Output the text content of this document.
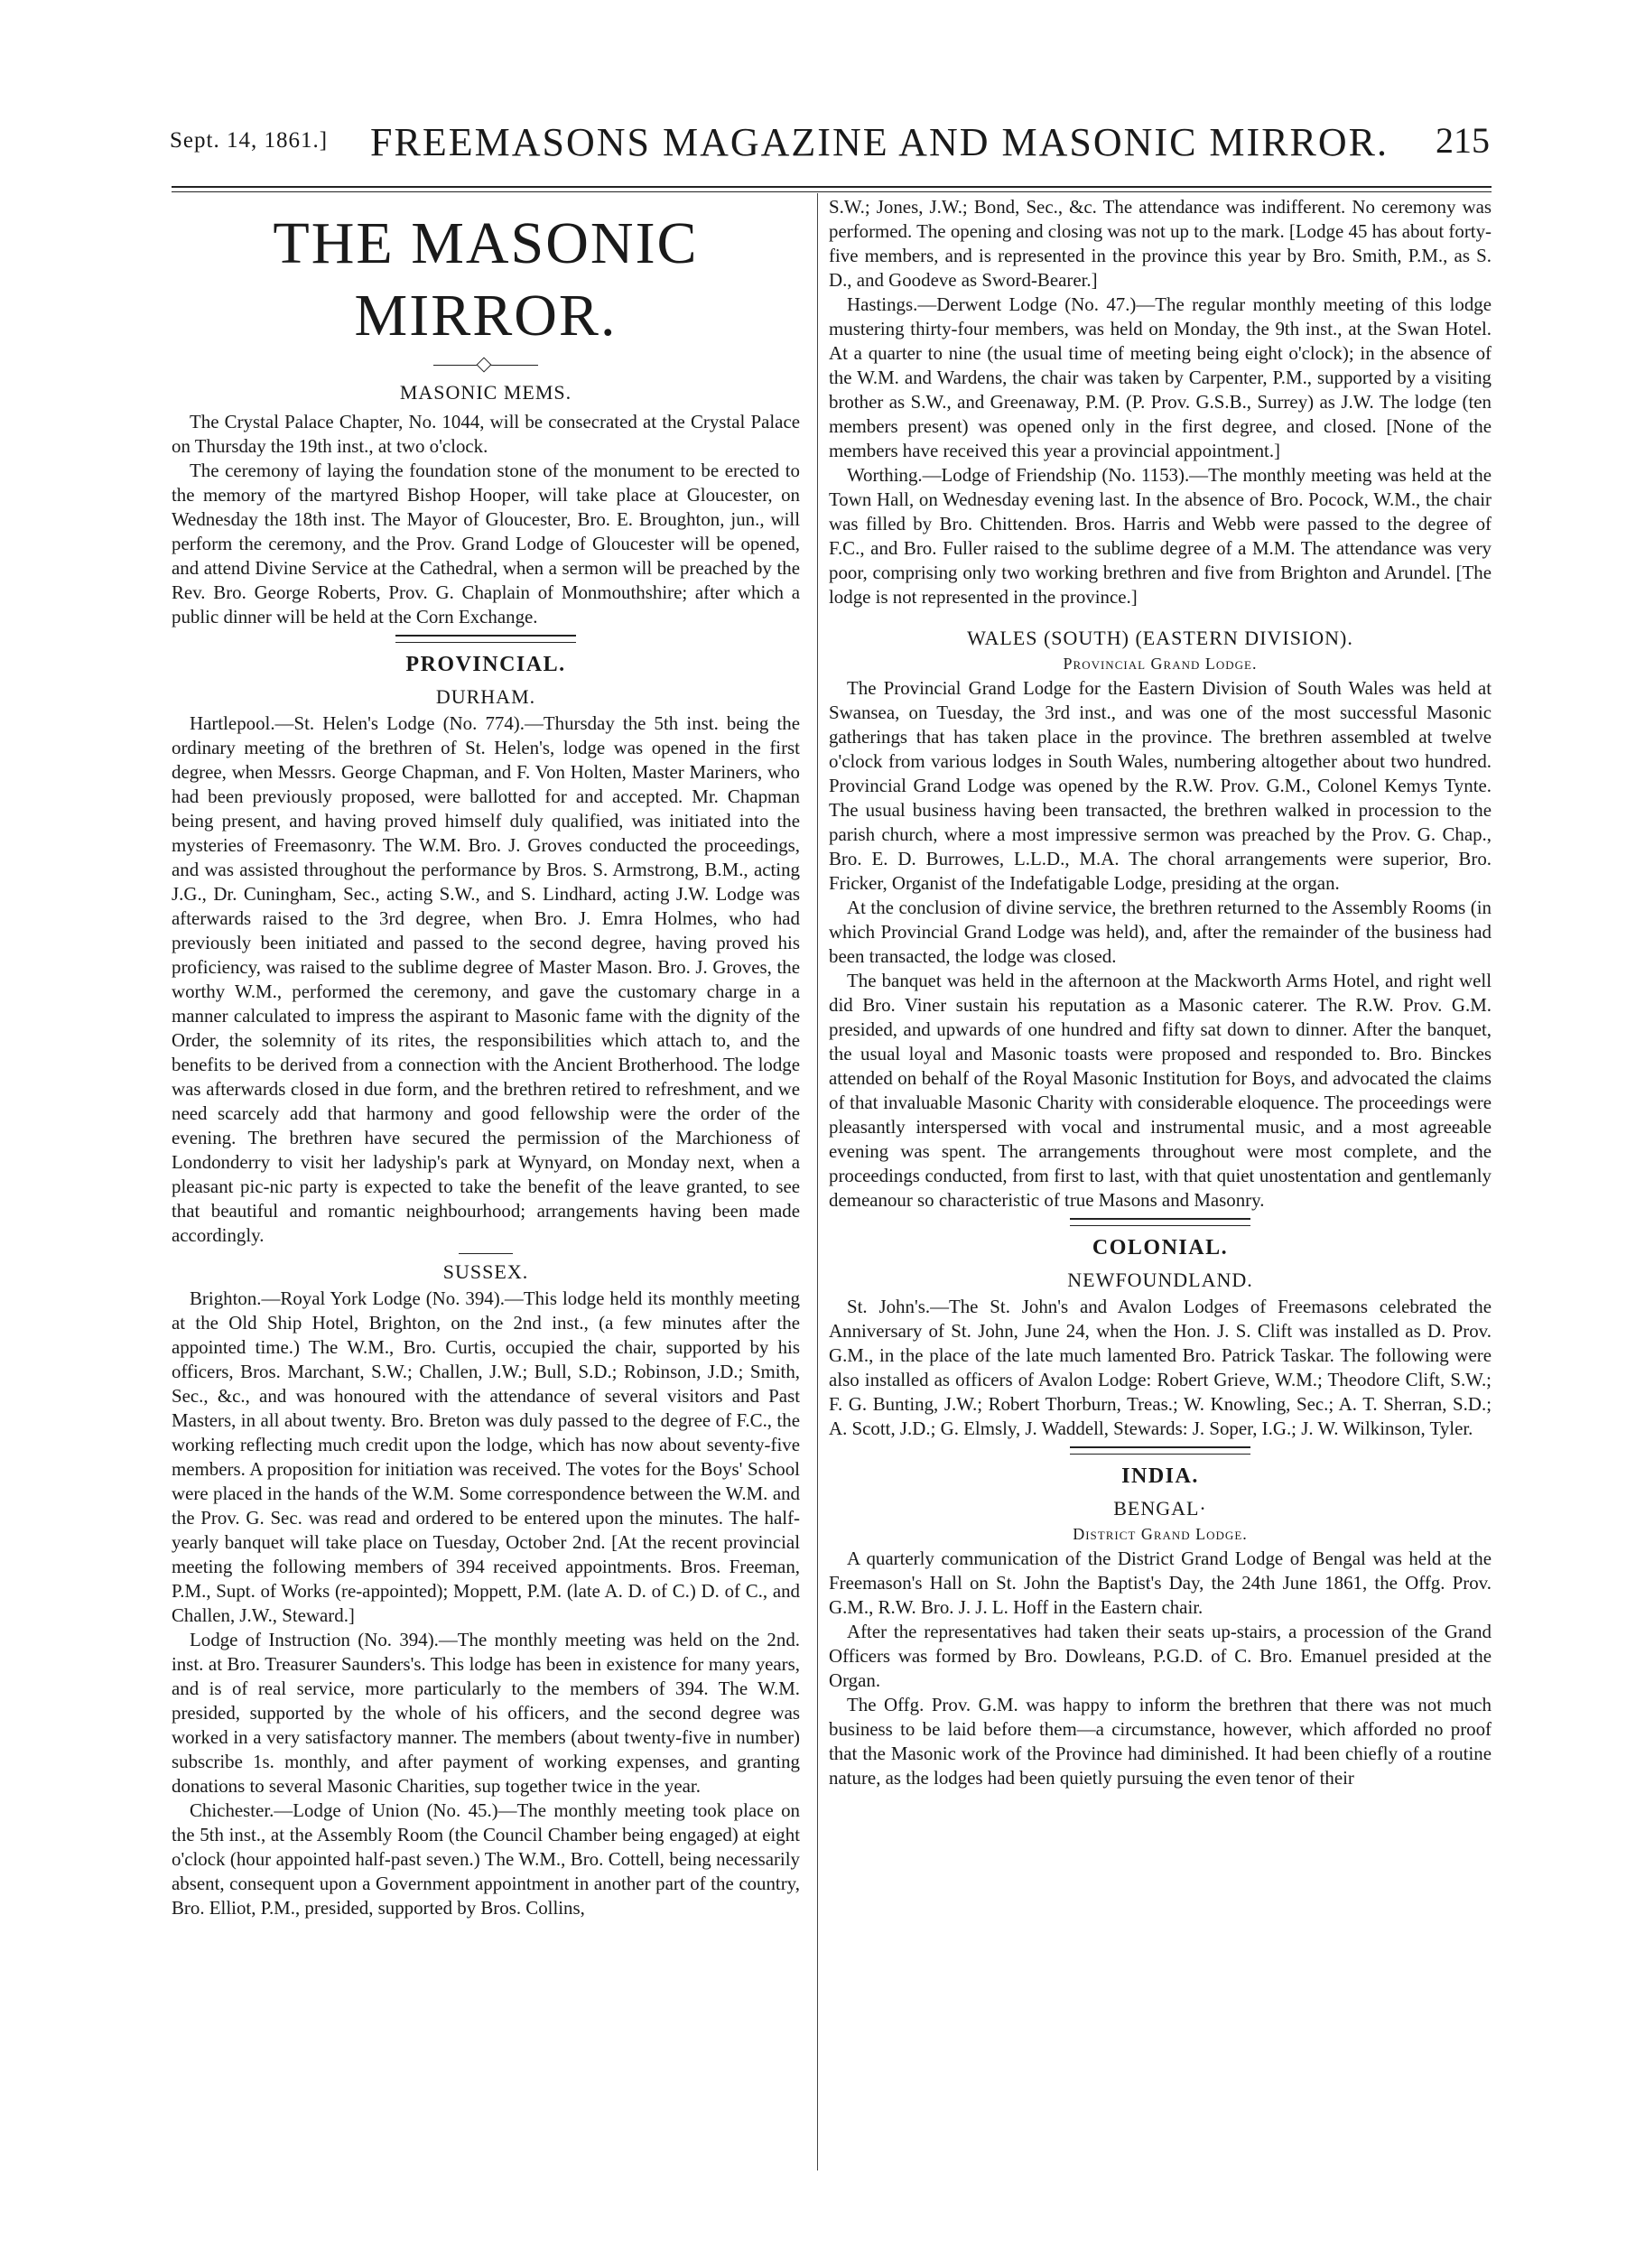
Sept. 14, 1861.] FREEMASONS MAGAZINE AND MASONIC MIRROR. 215
THE MASONIC MIRROR.
MASONIC MEMS.

The Crystal Palace Chapter, No. 1044, will be consecrated at the Crystal Palace on Thursday the 19th inst., at two o'clock.

The ceremony of laying the foundation stone of the monument to be erected to the memory of the martyred Bishop Hooper, will take place at Gloucester, on Wednesday the 18th inst. The Mayor of Gloucester, Bro. E. Broughton, jun., will perform the ceremony, and the Prov. Grand Lodge of Gloucester will be opened, and attend Divine Service at the Cathedral, when a sermon will be preached by the Rev. Bro. George Roberts, Prov. G. Chaplain of Monmouthshire; after which a public dinner will be held at the Corn Exchange.

PROVINCIAL.
DURHAM.

Hartlepool.—St. Helen's Lodge (No. 774).—Thursday the 5th inst. being the ordinary meeting of the brethren of St. Helen's, lodge was opened in the first degree, when Messrs. George Chapman, and F. Von Holten, Master Mariners, who had been previously proposed, were ballotted for and accepted. Mr. Chapman being present, and having proved himself duly qualified, was initiated into the mysteries of Freemasonry. The W.M. Bro. J. Groves conducted the proceedings, and was assisted throughout the performance by Bros. S. Armstrong, B.M., acting J.G., Dr. Cuningham, Sec., acting S.W., and S. Lindhard, acting J.W. Lodge was afterwards raised to the 3rd degree, when Bro. J. Emra Holmes, who had previously been initiated and passed to the second degree, having proved his proficiency, was raised to the sublime degree of Master Mason. Bro. J. Groves, the worthy W.M., performed the ceremony, and gave the customary charge in a manner calculated to impress the aspirant to Masonic fame with the dignity of the Order, the solemnity of its rites, the responsibilities which attach to, and the benefits to be derived from a connection with the Ancient Brotherhood. The lodge was afterwards closed in due form, and the brethren retired to refreshment, and we need scarcely add that harmony and good fellowship were the order of the evening. The brethren have secured the permission of the Marchioness of Londonderry to visit her ladyship's park at Wynyard, on Monday next, when a pleasant pic-nic party is expected to take the benefit of the leave granted, to see that beautiful and romantic neighbourhood; arrangements having been made accordingly.

SUSSEX.

Brighton.—Royal York Lodge (No. 394).—This lodge held its monthly meeting at the Old Ship Hotel, Brighton, on the 2nd inst., (a few minutes after the appointed time.) The W.M., Bro. Curtis, occupied the chair, supported by his officers, Bros. Marchant, S.W.; Challen, J.W.; Bull, S.D.; Robinson, J.D.; Smith, Sec., &c., and was honoured with the attendance of several visitors and Past Masters, in all about twenty. Bro. Breton was duly passed to the degree of F.C., the working reflecting much credit upon the lodge, which has now about seventy-five members. A proposition for initiation was received. The votes for the Boys' School were placed in the hands of the W.M. Some correspondence between the W.M. and the Prov. G. Sec. was read and ordered to be entered upon the minutes. The half-yearly banquet will take place on Tuesday, October 2nd. [At the recent provincial meeting the following members of 394 received appointments. Bros. Freeman, P.M., Supt. of Works (re-appointed); Moppett, P.M. (late A. D. of C.) D. of C., and Challen, J.W., Steward.]

Lodge of Instruction (No. 394).—The monthly meeting was held on the 2nd. inst. at Bro. Treasurer Saunders's. This lodge has been in existence for many years, and is of real service, more particularly to the members of 394. The W.M. presided, supported by the whole of his officers, and the second degree was worked in a very satisfactory manner. The members (about twenty-five in number) subscribe 1s. monthly, and after payment of working expenses, and granting donations to several Masonic Charities, sup together twice in the year.

Chichester.—Lodge of Union (No. 45.)—The monthly meeting took place on the 5th inst., at the Assembly Room (the Council Chamber being engaged) at eight o'clock (hour appointed half-past seven.) The W.M., Bro. Cottell, being necessarily absent, consequent upon a Government appointment in another part of the country, Bro. Elliot, P.M., presided, supported by Bros. Collins,

S.W.; Jones, J.W.; Bond, Sec., &c. The attendance was indifferent. No ceremony was performed. The opening and closing was not up to the mark. [Lodge 45 has about forty-five members, and is represented in the province this year by Bro. Smith, P.M., as S. D., and Goodeve as Sword-Bearer.]

Hastings.—Derwent Lodge (No. 47.)—The regular monthly meeting of this lodge mustering thirty-four members, was held on Monday, the 9th inst., at the Swan Hotel. At a quarter to nine (the usual time of meeting being eight o'clock); in the absence of the W.M. and Wardens, the chair was taken by Carpenter, P.M., supported by a visiting brother as S.W., and Greenaway, P.M. (P. Prov. G.S.B., Surrey) as J.W. The lodge (ten members present) was opened only in the first degree, and closed. [None of the members have received this year a provincial appointment.]

Worthing.—Lodge of Friendship (No. 1153).—The monthly meeting was held at the Town Hall, on Wednesday evening last. In the absence of Bro. Pocock, W.M., the chair was filled by Bro. Chittenden. Bros. Harris and Webb were passed to the degree of F.C., and Bro. Fuller raised to the sublime degree of a M.M. The attendance was very poor, comprising only two working brethren and five from Brighton and Arundel. [The lodge is not represented in the province.]

WALES (SOUTH) (EASTERN DIVISION).
Provincial Grand Lodge.

The Provincial Grand Lodge for the Eastern Division of South Wales was held at Swansea, on Tuesday, the 3rd inst., and was one of the most successful Masonic gatherings that has taken place in the province. The brethren assembled at twelve o'clock from various lodges in South Wales, numbering altogether about two hundred. Provincial Grand Lodge was opened by the R.W. Prov. G.M., Colonel Kemys Tynte. The usual business having been transacted, the brethren walked in procession to the parish church, where a most impressive sermon was preached by the Prov. G. Chap., Bro. E. D. Burrowes, L.L.D., M.A. The choral arrangements were superior, Bro. Fricker, Organist of the Indefatigable Lodge, presiding at the organ.

At the conclusion of divine service, the brethren returned to the Assembly Rooms (in which Provincial Grand Lodge was held), and, after the remainder of the business had been transacted, the lodge was closed.

The banquet was held in the afternoon at the Mackworth Arms Hotel, and right well did Bro. Viner sustain his reputation as a Masonic caterer. The R.W. Prov. G.M. presided, and upwards of one hundred and fifty sat down to dinner. After the banquet, the usual loyal and Masonic toasts were proposed and responded to. Bro. Binckes attended on behalf of the Royal Masonic Institution for Boys, and advocated the claims of that invaluable Masonic Charity with considerable eloquence. The proceedings were pleasantly interspersed with vocal and instrumental music, and a most agreeable evening was spent. The arrangements throughout were most complete, and the proceedings conducted, from first to last, with that quiet unostentation and gentlemanly demeanour so characteristic of true Masons and Masonry.

COLONIAL.
NEWFOUNDLAND.

St. John's.—The St. John's and Avalon Lodges of Freemasons celebrated the Anniversary of St. John, June 24, when the Hon. J. S. Clift was installed as D. Prov. G.M., in the place of the late much lamented Bro. Patrick Taskar. The following were also installed as officers of Avalon Lodge: Robert Grieve, W.M.; Theodore Clift, S.W.; F. G. Bunting, J.W.; Robert Thorburn, Treas.; W. Knowling, Sec.; A. T. Sherran, S.D.; A. Scott, J.D.; G. Elmsly, J. Waddell, Stewards: J. Soper, I.G.; J. W. Wilkinson, Tyler.

INDIA.
BENGAL·
District Grand Lodge.

A quarterly communication of the District Grand Lodge of Bengal was held at the Freemason's Hall on St. John the Baptist's Day, the 24th June 1861, the Offg. Prov. G.M., R.W. Bro. J. J. L. Hoff in the Eastern chair.

After the representatives had taken their seats up-stairs, a procession of the Grand Officers was formed by Bro. Dowleans, P.G.D. of C. Bro. Emanuel presided at the Organ.

The Offg. Prov. G.M. was happy to inform the brethren that there was not much business to be laid before them—a circumstance, however, which afforded no proof that the Masonic work of the Province had diminished. It had been chiefly of a routine nature, as the lodges had been quietly pursuing the even tenor of their
